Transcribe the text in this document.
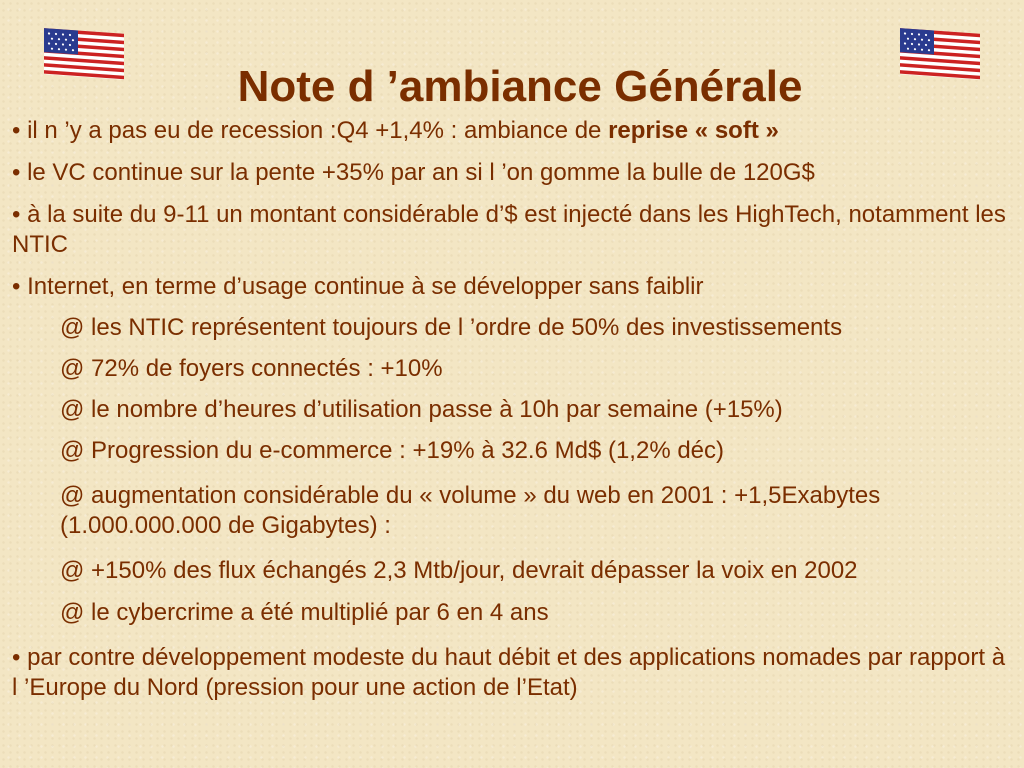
Note d ’ambiance Générale

• il n ’y a pas eu de recession :Q4 +1,4% : ambiance de reprise « soft »

• le VC continue sur la pente +35% par an si l ’on gomme la bulle de 120G$

• à la suite du 9-11 un montant considérable d’$ est injecté dans les HighTech, notamment les NTIC

• Internet, en terme d’usage continue à se développer sans faiblir

@ les NTIC représentent toujours de l ’ordre de 50% des investissements

@ 72% de foyers connectés : +10%

@ le nombre d’heures d’utilisation passe à 10h par semaine (+15%)

@ Progression du e-commerce : +19% à 32.6 Md$ (1,2% déc)

@ augmentation considérable du « volume » du web en 2001 : +1,5Exabytes (1.000.000.000 de Gigabytes) :

@ +150% des flux échangés 2,3 Mtb/jour, devrait dépasser la voix en 2002

@ le cybercrime a été multiplié par 6 en 4 ans

• par contre développement modeste du haut débit et des applications nomades par rapport à l ’Europe du Nord (pression pour une action de l’Etat)
